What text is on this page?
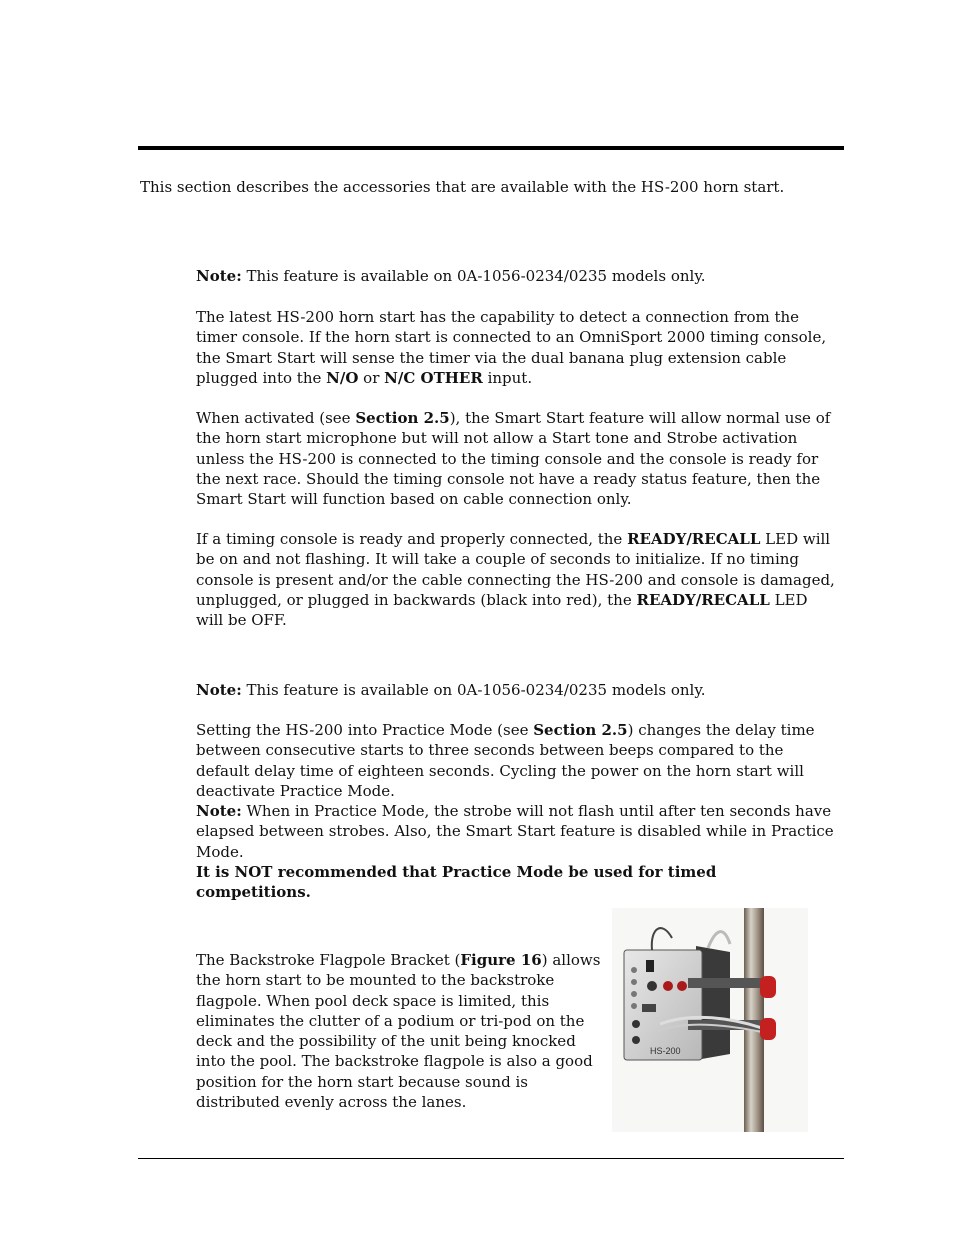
This section describes the accessories that are available with the HS-200 horn start.

Note: This feature is available on 0A-1056-0234/0235 models only.

The latest HS-200 horn start has the capability to detect a connection from the timer console. If the horn start is connected to an OmniSport 2000 timing console, the Smart Start will sense the timer via the dual banana plug extension cable plugged into the N/O or N/C OTHER input.

When activated (see Section 2.5), the Smart Start feature will allow normal use of the horn start microphone but will not allow a Start tone and Strobe activation unless the HS-200 is connected to the timing console and the console is ready for the next race. Should the timing console not have a ready status feature, then the Smart Start will function based on cable connection only.

If a timing console is ready and properly connected, the READY/RECALL LED will be on and not flashing. It will take a couple of seconds to initialize. If no timing console is present and/or the cable connecting the HS-200 and console is damaged, unplugged, or plugged in backwards (black into red), the READY/RECALL LED will be OFF.

Note: This feature is available on 0A-1056-0234/0235 models only.

Setting the HS-200 into Practice Mode (see Section 2.5) changes the delay time between consecutive starts to three seconds between beeps compared to the default delay time of eighteen seconds. Cycling the power on the horn start will deactivate Practice Mode.

Note: When in Practice Mode, the strobe will not flash until after ten seconds have elapsed between strobes. Also, the Smart Start feature is disabled while in Practice Mode.

It is NOT recommended that Practice Mode be used for timed competitions.

The Backstroke Flagpole Bracket (Figure 16) allows the horn start to be mounted to the backstroke flagpole. When pool deck space is limited, this eliminates the clutter of a podium or tri-pod on the deck and the possibility of the unit being knocked into the pool. The backstroke flagpole is also a good position for the horn start because sound is distributed evenly across the lanes.

HS-200
